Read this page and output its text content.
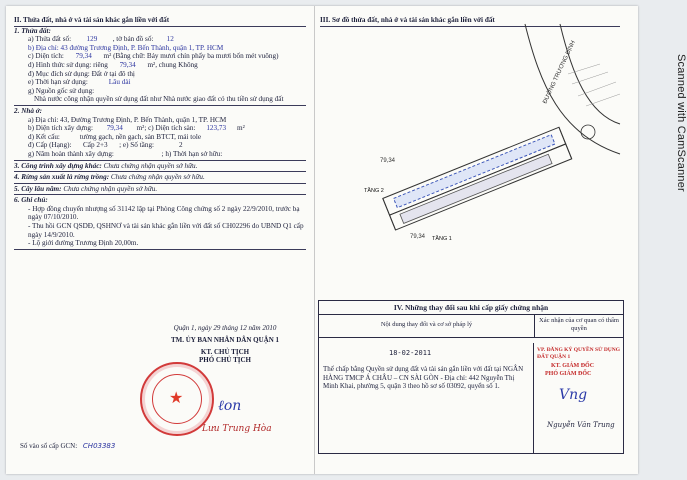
II. Thửa đất, nhà ở và tài sản khác gắn liền với đất
1. Thửa đất:
a) Thửa đất số: 129 , tờ bản đồ số: 12
b) Địa chỉ: 43 đường Trương Định, P. Bến Thành, quận 1, TP. HCM
c) Diện tích: 79,34 m² (Bằng chữ: Bảy mươi chín phẩy ba mươi bốn mét vuông)
d) Hình thức sử dụng: riêng 79,34 m², chung Không
đ) Mục đích sử dụng: Đất ở tại đô thị
e) Thời hạn sử dụng:	Lâu dài
g) Nguồn gốc sử dụng:
Nhà nước công nhận quyền sử dụng đất như Nhà nước giao đất có thu tiền sử dụng đất
2. Nhà ở:
a) Địa chỉ: 43, Đường Trương Định, P. Bến Thành, quận 1, TP. HCM
b) Diện tích xây dựng: 79,34 m²; c) Diện tích sàn: 123,73 m²
d) Kết cấu:	tường gạch, nền gạch, sàn BTCT, mái tole
đ) Cấp (Hạng): Cấp 2+3 ; e) Số tầng:	2
g) Năm hoàn thành xây dựng:	; h) Thời hạn sở hữu:
3. Công trình xây dựng khác: Chưa chứng nhận quyền sở hữu.
4. Rừng sản xuất là rừng trồng: Chưa chứng nhận quyền sở hữu.
5. Cây lâu năm: Chưa chứng nhận quyền sở hữu.
6. Ghi chú:
- Hợp đồng chuyển nhượng số 31142 lập tại Phòng Công chứng số 2 ngày 22/9/2010, trước bạ ngày 07/10/2010.
- Thu hồi GCN QSDĐ, QSHNƠ và tài sản khác gắn liền với đất số CH02296 do UBND Q1 cấp ngày 14/9/2010.
- Lộ giới đường Trương Định 20,00m.
Quận 1, ngày 29 tháng 12 năm 2010
TM. ỦY BAN NHÂN DÂN QUẬN 1
KT. CHỦ TỊCH
PHÓ CHỦ TỊCH
★ ℓon
Lưu Trung Hòa
Số vào sổ cấp GCN: CH03383
III. Sơ đồ thửa đất, nhà ở và tài sản khác gắn liền với đất
79,34
79,34
TẦNG 2
TẦNG 1
ĐƯỜNG TRƯƠNG ĐỊNH
IV. Những thay đổi sau khi cấp giấy chứng nhận
Nội dung thay đổi và cơ sở pháp lý
Xác nhận của cơ quan có thẩm quyền
18-02-2011
Thế chấp bằng Quyền sử dụng đất và tài sản gắn liền với đất tại NGÂN HÀNG TMCP Á CHÂU – CN SÀI GÒN - Địa chỉ: 442 Nguyễn Thị Minh Khai, phường 5, quận 3 theo hồ sơ số 03092, quyển số 1.
VP. ĐĂNG KÝ QUYỀN SỬ DỤNG ĐẤT QUẬN 1
KT. GIÁM ĐỐC
PHÓ GIÁM ĐỐC
Vng
Nguyễn Văn Trung
Scanned with CamScanner
